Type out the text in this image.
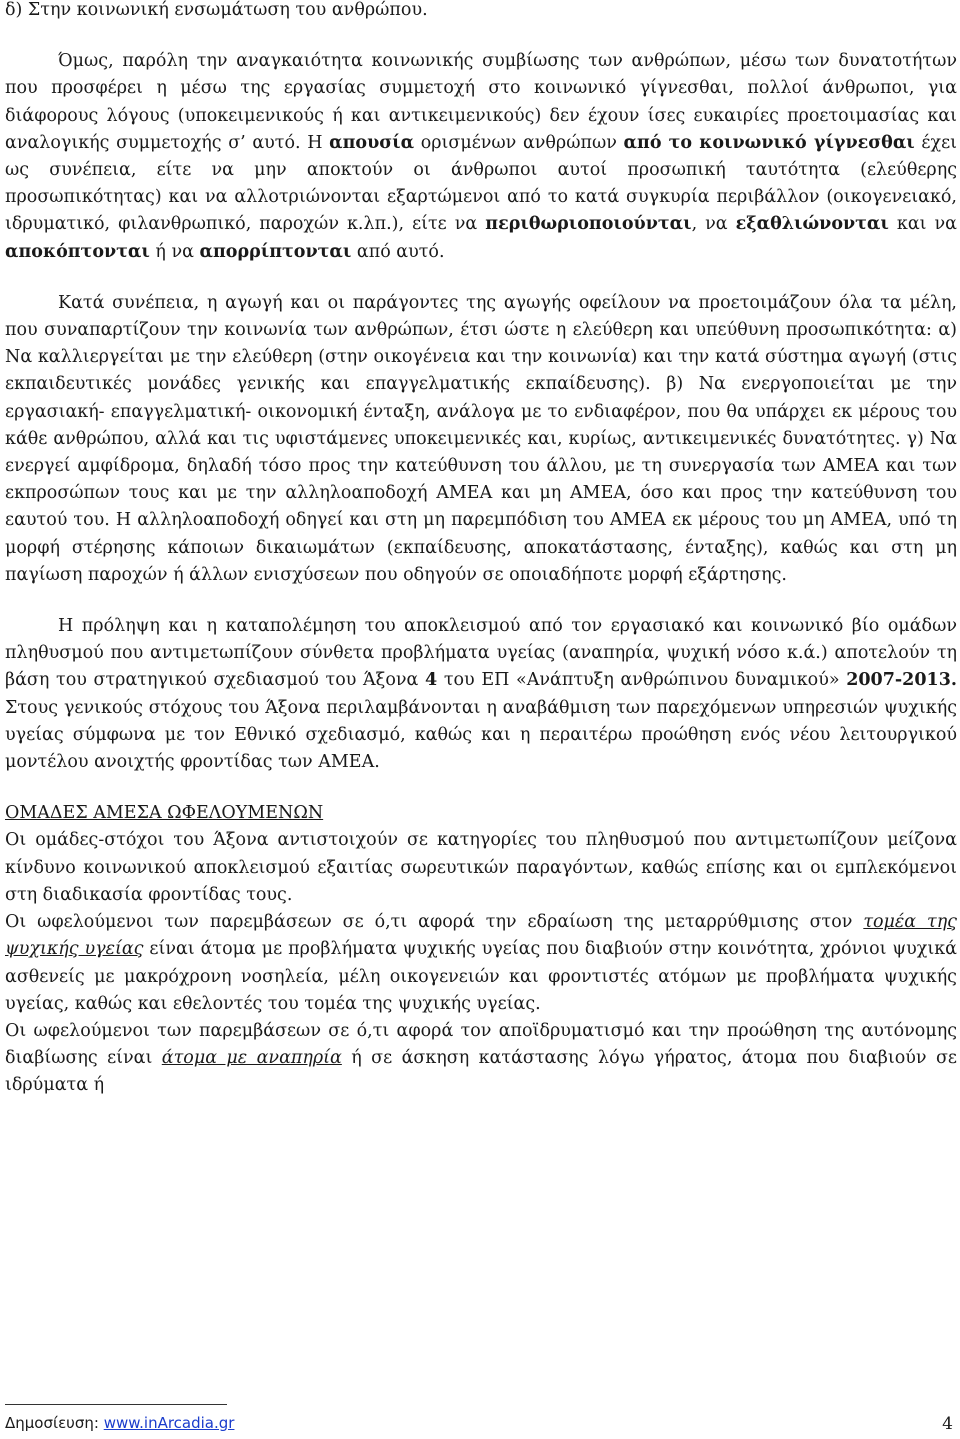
δ) Στην κοινωνική ενσωμάτωση του ανθρώπου.

Όμως, παρόλη την αναγκαιότητα κοινωνικής συμβίωσης των ανθρώπων, μέσω των δυνατοτήτων που προσφέρει η μέσω της εργασίας συμμετοχή στο κοινωνικό γίγνεσθαι, πολλοί άνθρωποι, για διάφορους λόγους (υποκειμενικούς ή και αντικειμενικούς) δεν έχουν ίσες ευκαιρίες προετοιμασίας και αναλογικής συμμετοχής σ’ αυτό. Η απουσία ορισμένων ανθρώπων από το κοινωνικό γίγνεσθαι έχει ως συνέπεια, είτε να μην αποκτούν οι άνθρωποι αυτοί προσωπική ταυτότητα (ελεύθερης προσωπικότητας) και να αλλοτριώνονται εξαρτώμενοι από το κατά συγκυρία περιβάλλον (οικογενειακό, ιδρυματικό, φιλανθρωπικό, παροχών κ.λπ.), είτε να περιθωριοποιούνται, να εξαθλιώνονται και να αποκόπτονται ή να απορρίπτονται από αυτό.

Κατά συνέπεια, η αγωγή και οι παράγοντες της αγωγής οφείλουν να προετοιμάζουν όλα τα μέλη, που συναπαρτίζουν την κοινωνία των ανθρώπων, έτσι ώστε η ελεύθερη και υπεύθυνη προσωπικότητα: α) Να καλλιεργείται με την ελεύθερη (στην οικογένεια και την κοινωνία) και την κατά σύστημα αγωγή (στις εκπαιδευτικές μονάδες γενικής και επαγγελματικής εκπαίδευσης). β) Να ενεργοποιείται με την εργασιακή- επαγγελματική- οικονομική ένταξη, ανάλογα με το ενδιαφέρον, που θα υπάρχει εκ μέρους του κάθε ανθρώπου, αλλά και τις υφιστάμενες υποκειμενικές και, κυρίως, αντικειμενικές δυνατότητες. γ) Να ενεργεί αμφίδρομα, δηλαδή τόσο προς την κατεύθυνση του άλλου, με τη συνεργασία των ΑΜΕΑ και των εκπροσώπων τους και με την αλληλοαποδοχή ΑΜΕΑ και μη ΑΜΕΑ, όσο και προς την κατεύθυνση του εαυτού του. Η αλληλοαποδοχή οδηγεί και στη μη παρεμπόδιση του ΑΜΕΑ εκ μέρους του μη ΑΜΕΑ, υπό τη μορφή στέρησης κάποιων δικαιωμάτων (εκπαίδευσης, αποκατάστασης, ένταξης), καθώς και στη μη παγίωση παροχών ή άλλων ενισχύσεων που οδηγούν σε οποιαδήποτε μορφή εξάρτησης.

Η πρόληψη και η καταπολέμηση του αποκλεισμού από τον εργασιακό και κοινωνικό βίο ομάδων πληθυσμού που αντιμετωπίζουν σύνθετα προβλήματα υγείας (αναπηρία, ψυχική νόσο κ.ά.) αποτελούν τη βάση του στρατηγικού σχεδιασμού του Άξονα 4 του ΕΠ «Ανάπτυξη ανθρώπινου δυναμικού» 2007-2013. Στους γενικούς στόχους του Άξονα περιλαμβάνονται η αναβάθμιση των παρεχόμενων υπηρεσιών ψυχικής υγείας σύμφωνα με τον Εθνικό σχεδιασμό, καθώς και η περαιτέρω προώθηση ενός νέου λειτουργικού μοντέλου ανοιχτής φροντίδας των ΑΜΕΑ.

ΟΜΑΔΕΣ ΑΜΕΣΑ ΩΦΕΛΟΥΜΕΝΩΝ

Οι ομάδες-στόχοι του Άξονα αντιστοιχούν σε κατηγορίες του πληθυσμού που αντιμετωπίζουν μείζονα κίνδυνο κοινωνικού αποκλεισμού εξαιτίας σωρευτικών παραγόντων, καθώς επίσης και οι εμπλεκόμενοι στη διαδικασία φροντίδας τους.

Οι ωφελούμενοι των παρεμβάσεων σε ό,τι αφορά την εδραίωση της μεταρρύθμισης στον τομέα της ψυχικής υγείας είναι άτομα με προβλήματα ψυχικής υγείας που διαβιούν στην κοινότητα, χρόνιοι ψυχικά ασθενείς με μακρόχρονη νοσηλεία, μέλη οικογενειών και φροντιστές ατόμων με προβλήματα ψυχικής υγείας, καθώς και εθελοντές του τομέα της ψυχικής υγείας.

Οι ωφελούμενοι των παρεμβάσεων σε ό,τι αφορά τον αποϊδρυματισμό και την προώθηση της αυτόνομης διαβίωσης είναι άτομα με αναπηρία ή σε άσκηση κατάστασης λόγω γήρατος, άτομα που διαβιούν σε ιδρύματα ή

Δημοσίευση: www.inArcadia.gr	4
